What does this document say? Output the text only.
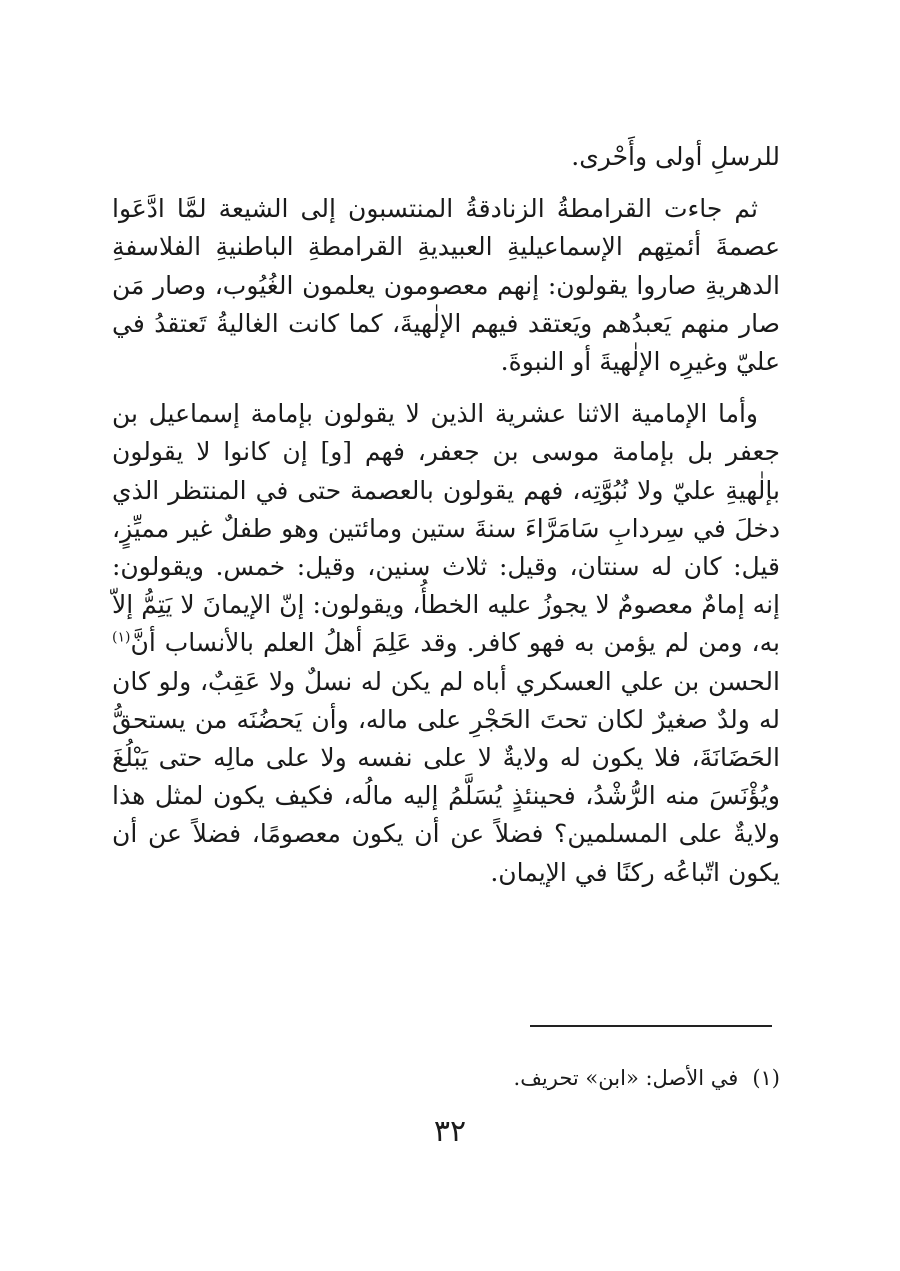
للرسلِ أولى وأَحْرى.

ثم جاءت القرامطةُ الزنادقةُ المنتسبون إلى الشيعة لمَّا ادَّعَوا عصمةَ أئمتِهم الإسماعيليةِ العبيديةِ القرامطةِ الباطنيةِ الفلاسفةِ الدهريةِ صاروا يقولون: إنهم معصومون يعلمون الغُيُوب، وصار مَن صار منهم يَعبدُهم ويَعتقد فيهم الإلٰهيةَ، كما كانت الغاليةُ تَعتقدُ في عليّ وغيرِه الإلٰهيةَ أو النبوةَ.

وأما الإمامية الاثنا عشرية الذين لا يقولون بإمامة إسماعيل بن جعفر بل بإمامة موسى بن جعفر، فهم [و] إن كانوا لا يقولون بإلٰهيةِ عليّ ولا نُبُوَّتِه، فهم يقولون بالعصمة حتى في المنتظر الذي دخلَ في سِردابِ سَامَرَّاءَ سنةَ ستين ومائتين وهو طفلٌ غير مميِّزٍ، قيل: كان له سنتان، وقيل: ثلاث سنين، وقيل: خمس. ويقولون: إنه إمامٌ معصومٌ لا يجوزُ عليه الخطأُ، ويقولون: إنّ الإيمانَ لا يَتِمُّ إلاّ به، ومن لم يؤمن به فهو كافر. وقد عَلِمَ أهلُ العلم بالأنساب أنَّ$^{(١)}$ الحسن بن علي العسكري أباه لم يكن له نسلٌ ولا عَقِبٌ، ولو كان له ولدٌ صغيرٌ لكان تحتَ الحَجْرِ على ماله، وأن يَحضُنَه من يستحقُّ الحَضَانَةَ، فلا يكون له ولايةٌ لا على نفسه ولا على مالِه حتى يَبْلُغَ ويُؤْنَسَ منه الرُّشْدُ، فحينئذٍ يُسَلَّمُ إليه مالُه، فكيف يكون لمثل هذا ولايةٌ على المسلمين؟ فضلاً عن أن يكون معصومًا، فضلاً عن أن يكون اتّباعُه ركنًا في الإيمان.

(١)في الأصل: «ابن» تحريف.
٣٢
